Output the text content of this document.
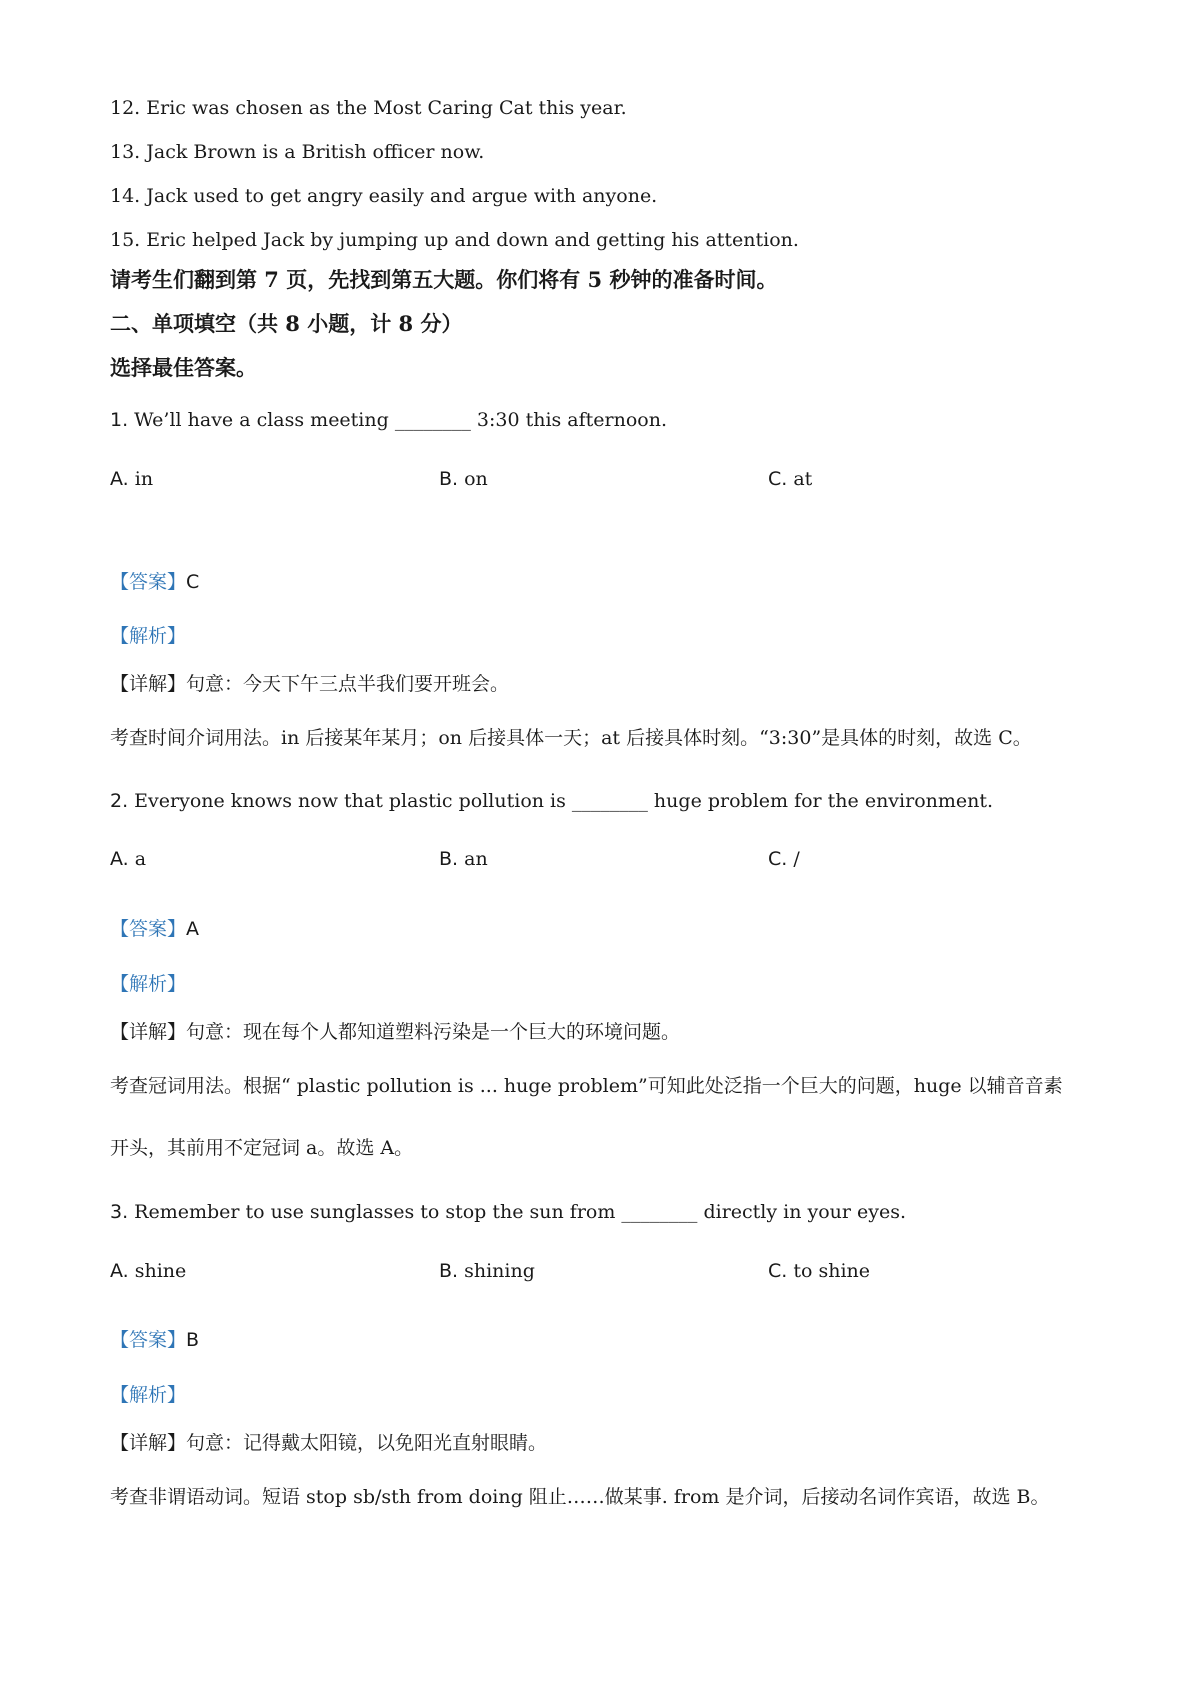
12. Eric was chosen as the Most Caring Cat this year.
13. Jack Brown is a British officer now.
14. Jack used to get angry easily and argue with anyone.
15. Eric helped Jack by jumping up and down and getting his attention.
请考生们翻到第 7 页，先找到第五大题。你们将有 5 秒钟的准备时间。
二、单项填空（共 8 小题，计 8 分）
选择最佳答案。
1. We’ll have a class meeting ________ 3:30 this afternoon.
A. in	B. on	C. at
【答案】C
【解析】
【详解】句意：今天下午三点半我们要开班会。
考查时间介词用法。in 后接某年某月；on 后接具体一天；at 后接具体时刻。“3:30”是具体的时刻，故选 C。
2. Everyone knows now that plastic pollution is ________ huge problem for the environment.
A. a	B. an	C. /
【答案】A
【解析】
【详解】句意：现在每个人都知道塑料污染是一个巨大的环境问题。
考查冠词用法。根据“ plastic pollution is ... huge problem”可知此处泛指一个巨大的问题，huge 以辅音音素
开头，其前用不定冠词 a。故选 A。
3. Remember to use sunglasses to stop the sun from ________ directly in your eyes.
A. shine	B. shining	C. to shine
【答案】B
【解析】
【详解】句意：记得戴太阳镜，以免阳光直射眼睛。
考查非谓语动词。短语 stop sb/sth from doing 阻止……做某事. from 是介词，后接动名词作宾语，故选 B。
